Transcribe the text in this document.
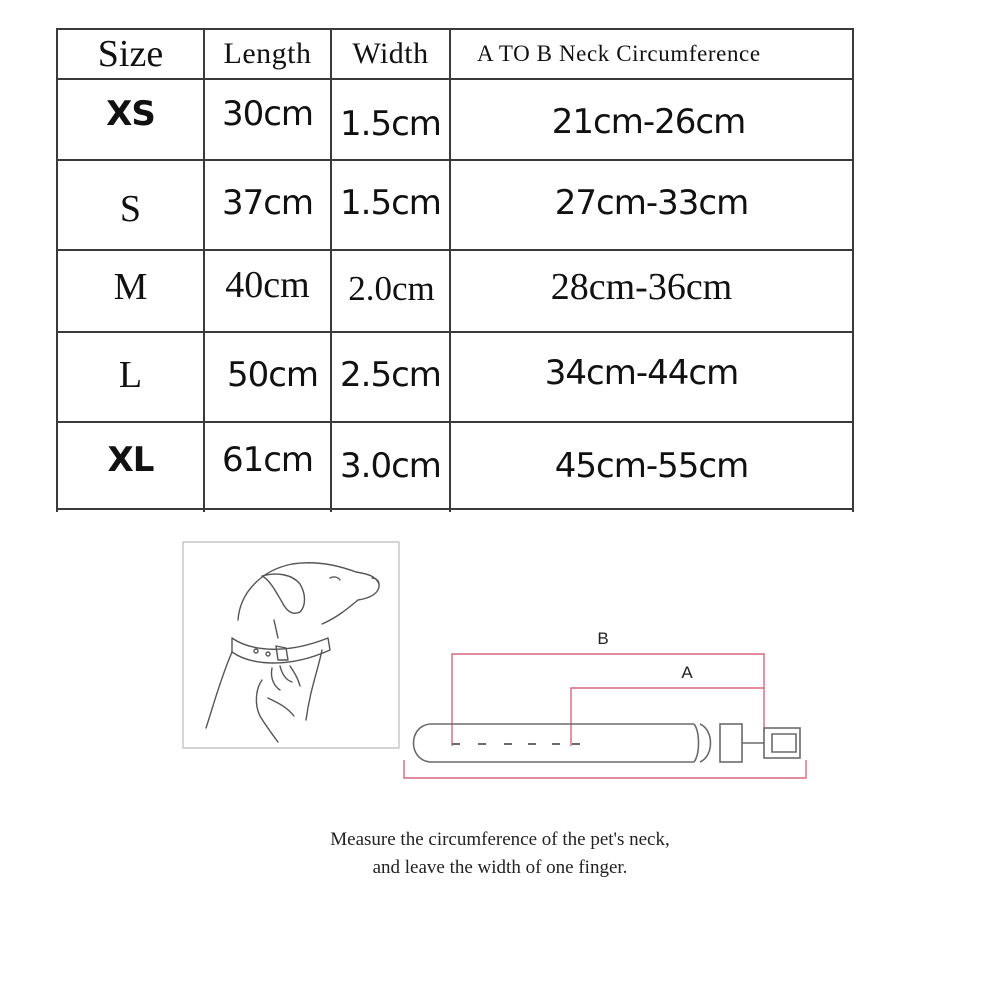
Size	Length	Width	A TO B Neck Circumference
XS	30cm 1.5cm	21cm-26cm
S	37cm 1.5cm	27cm-33cm
M	40cm	2.0cm	28cm-36cm
L	50cm 2.5cm	34cm-44cm
XL	61cm 3.0cm	45cm-55cm
B
A
Measure the circumference of the pet's neck,
and leave the width of one finger.
